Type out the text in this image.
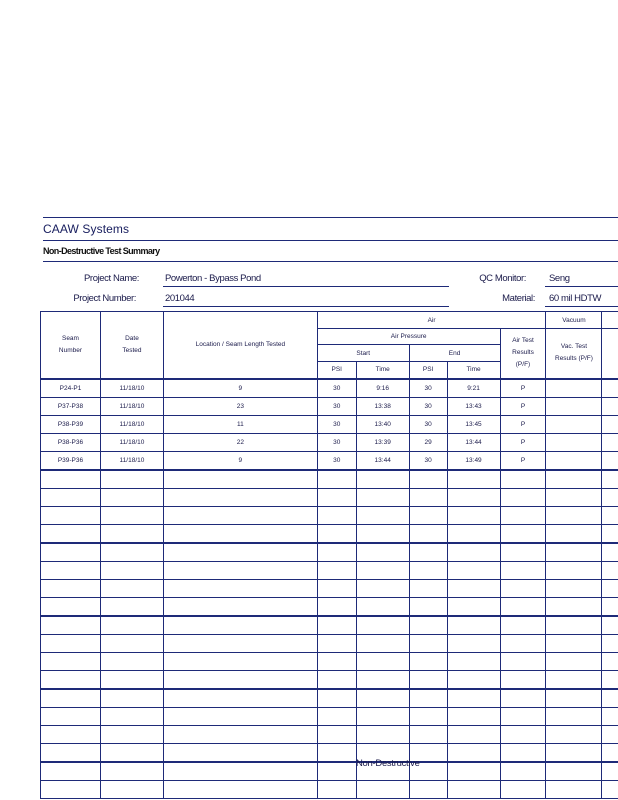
CAAW Systems
Non-Destructive Test Summary
Project Name:	Powerton - Bypass Pond
Project Number:	201044
QC Monitor: Seng
Material: 60 mil HDTW
Seam Number	Date Tested	Location / Seam Length Tested	Air					Vacuum	
			Air Pressure				Air Test Results (P/F)	Vac. Test Results (P/F)	
			Start		End				
			PSI	Time	PSI	Time			
P24-P1	11/18/10	9	30	9:16	30	9:21	P		
P37-P38	11/18/10	23	30	13:38	30	13:43	P		
P38-P39	11/18/10	11	30	13:40	30	13:45	P		
P38-P36	11/18/10	22	30	13:39	29	13:44	P		
P39-P36	11/18/10	9	30	13:44	30	13:49	P		

Non-Destructive
